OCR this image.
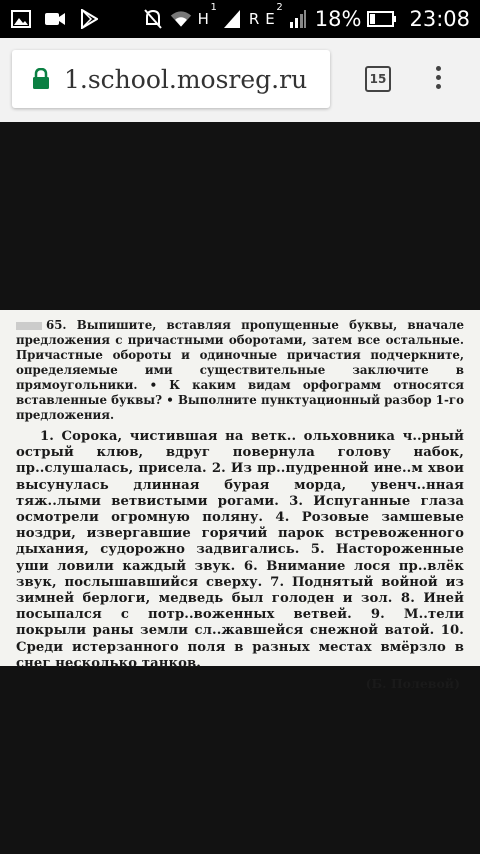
H
1
R E
2 18% 23:08
1.school.mosreg.ru	15

65. Выпишите, вставляя пропущенные буквы, вначале предложения с причастными оборотами, затем все остальные. Причастные обороты и одиночные причастия подчеркните, определяемые ими существительные заключите в прямоугольники. • К каким видам орфограмм относятся вставленные буквы? • Выполните пунктуационный разбор 1-го предложения.

1. Сорока, чистившая на ветк.. ольховника ч..рный острый клюв, вдруг повернула голову набок, пр..слушалась, присела. 2. Из пр..пудренной ине..м хвои высунулась длинная бурая морда, увенч..нная тяж..лыми ветвистыми рогами. 3. Испуганные глаза осмотрели огромную поляну. 4. Розовые замшевые ноздри, извергавшие горячий парок встревоженного дыхания, судорожно задвигались. 5. Настороженные уши ловили каждый звук. 6. Внимание лося пр..влёк звук, послышавшийся сверху. 7. Поднятый войной из зимней берлоги, медведь был голоден и зол. 8. Иней посыпался с потр..воженных ветвей. 9. М..тели покрыли раны земли сл..жавшейся снежной ватой. 10. Среди истерзанного поля в разных местах вмёрзло в снег несколько танков.

(Б. Полевой)
